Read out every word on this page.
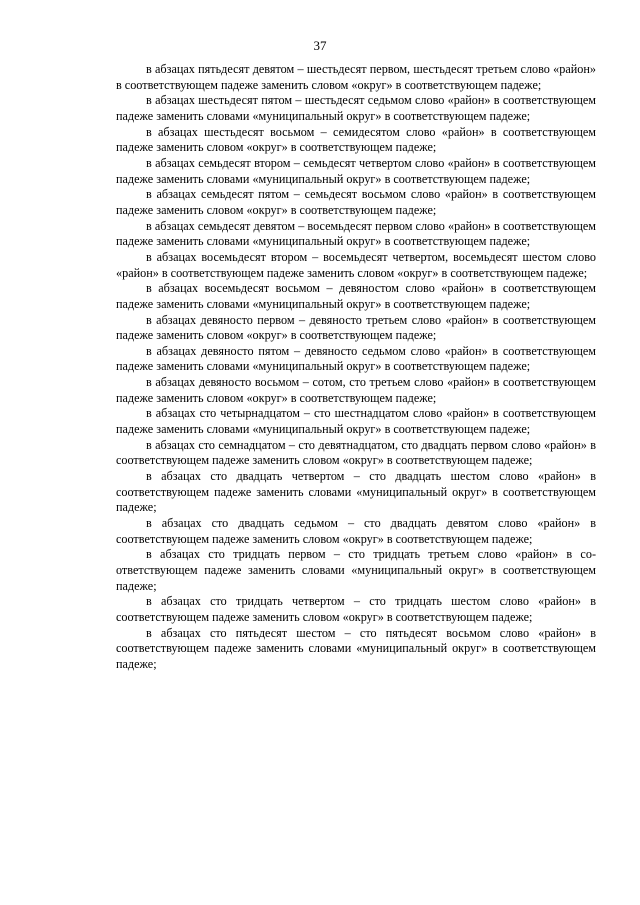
37

в абзацах пятьдесят девятом – шестьдесят первом, шестьдесят третьем слово «район» в соответствующем падеже заменить словом «округ» в соответствующем падеже;

в абзацах шестьдесят пятом – шестьдесят седьмом слово «район» в соответствующем падеже заменить словами «муниципальный округ» в соответствующем падеже;

в абзацах шестьдесят восьмом – семидесятом слово «район» в соответствующем падеже заменить словом «округ» в соответствующем падеже;

в абзацах семьдесят втором – семьдесят четвертом слово «район» в соответствующем падеже заменить словами «муниципальный округ» в соответствующем падеже;

в абзацах семьдесят пятом – семьдесят восьмом слово «район» в соответствующем падеже заменить словом «округ» в соответствующем падеже;

в абзацах семьдесят девятом – восемьдесят первом слово «район» в соответствующем падеже заменить словами «муниципальный округ» в соответствующем падеже;

в абзацах восемьдесят втором – восемьдесят четвертом, восемьдесят шестом слово «район» в соответствующем падеже заменить словом «округ» в соответствующем падеже;

в абзацах восемьдесят восьмом – девяностом слово «район» в соответствующем падеже заменить словами «муниципальный округ» в соответствующем падеже;

в абзацах девяносто первом – девяносто третьем слово «район» в соответствующем падеже заменить словом «округ» в соответствующем падеже;

в абзацах девяносто пятом – девяносто седьмом слово «район» в соответствующем падеже заменить словами «муниципальный округ» в соответствующем падеже;

в абзацах девяносто восьмом – сотом, сто третьем слово «район» в соответствующем падеже заменить словом «округ» в соответствующем падеже;

в абзацах сто четырнадцатом – сто шестнадцатом слово «район» в соответствующем падеже заменить словами «муниципальный округ» в соответствующем падеже;

в абзацах сто семнадцатом – сто девятнадцатом, сто двадцать первом слово «район» в соответствующем падеже заменить словом «округ» в соответствующем падеже;

в абзацах сто двадцать четвертом – сто двадцать шестом слово «район» в соответствующем падеже заменить словами «муниципальный округ» в соответствующем падеже;

в абзацах сто двадцать седьмом – сто двадцать девятом слово «район» в соответствующем падеже заменить словом «округ» в соответствующем падеже;

в абзацах сто тридцать первом – сто тридцать третьем слово «район» в соответствующем падеже заменить словами «муниципальный округ» в соответствующем падеже;

в абзацах сто тридцать четвертом – сто тридцать шестом слово «район» в соответствующем падеже заменить словом «округ» в соответствующем падеже;

в абзацах сто пятьдесят шестом – сто пятьдесят восьмом слово «район» в соответствующем падеже заменить словами «муниципальный округ» в соответствующем падеже;
